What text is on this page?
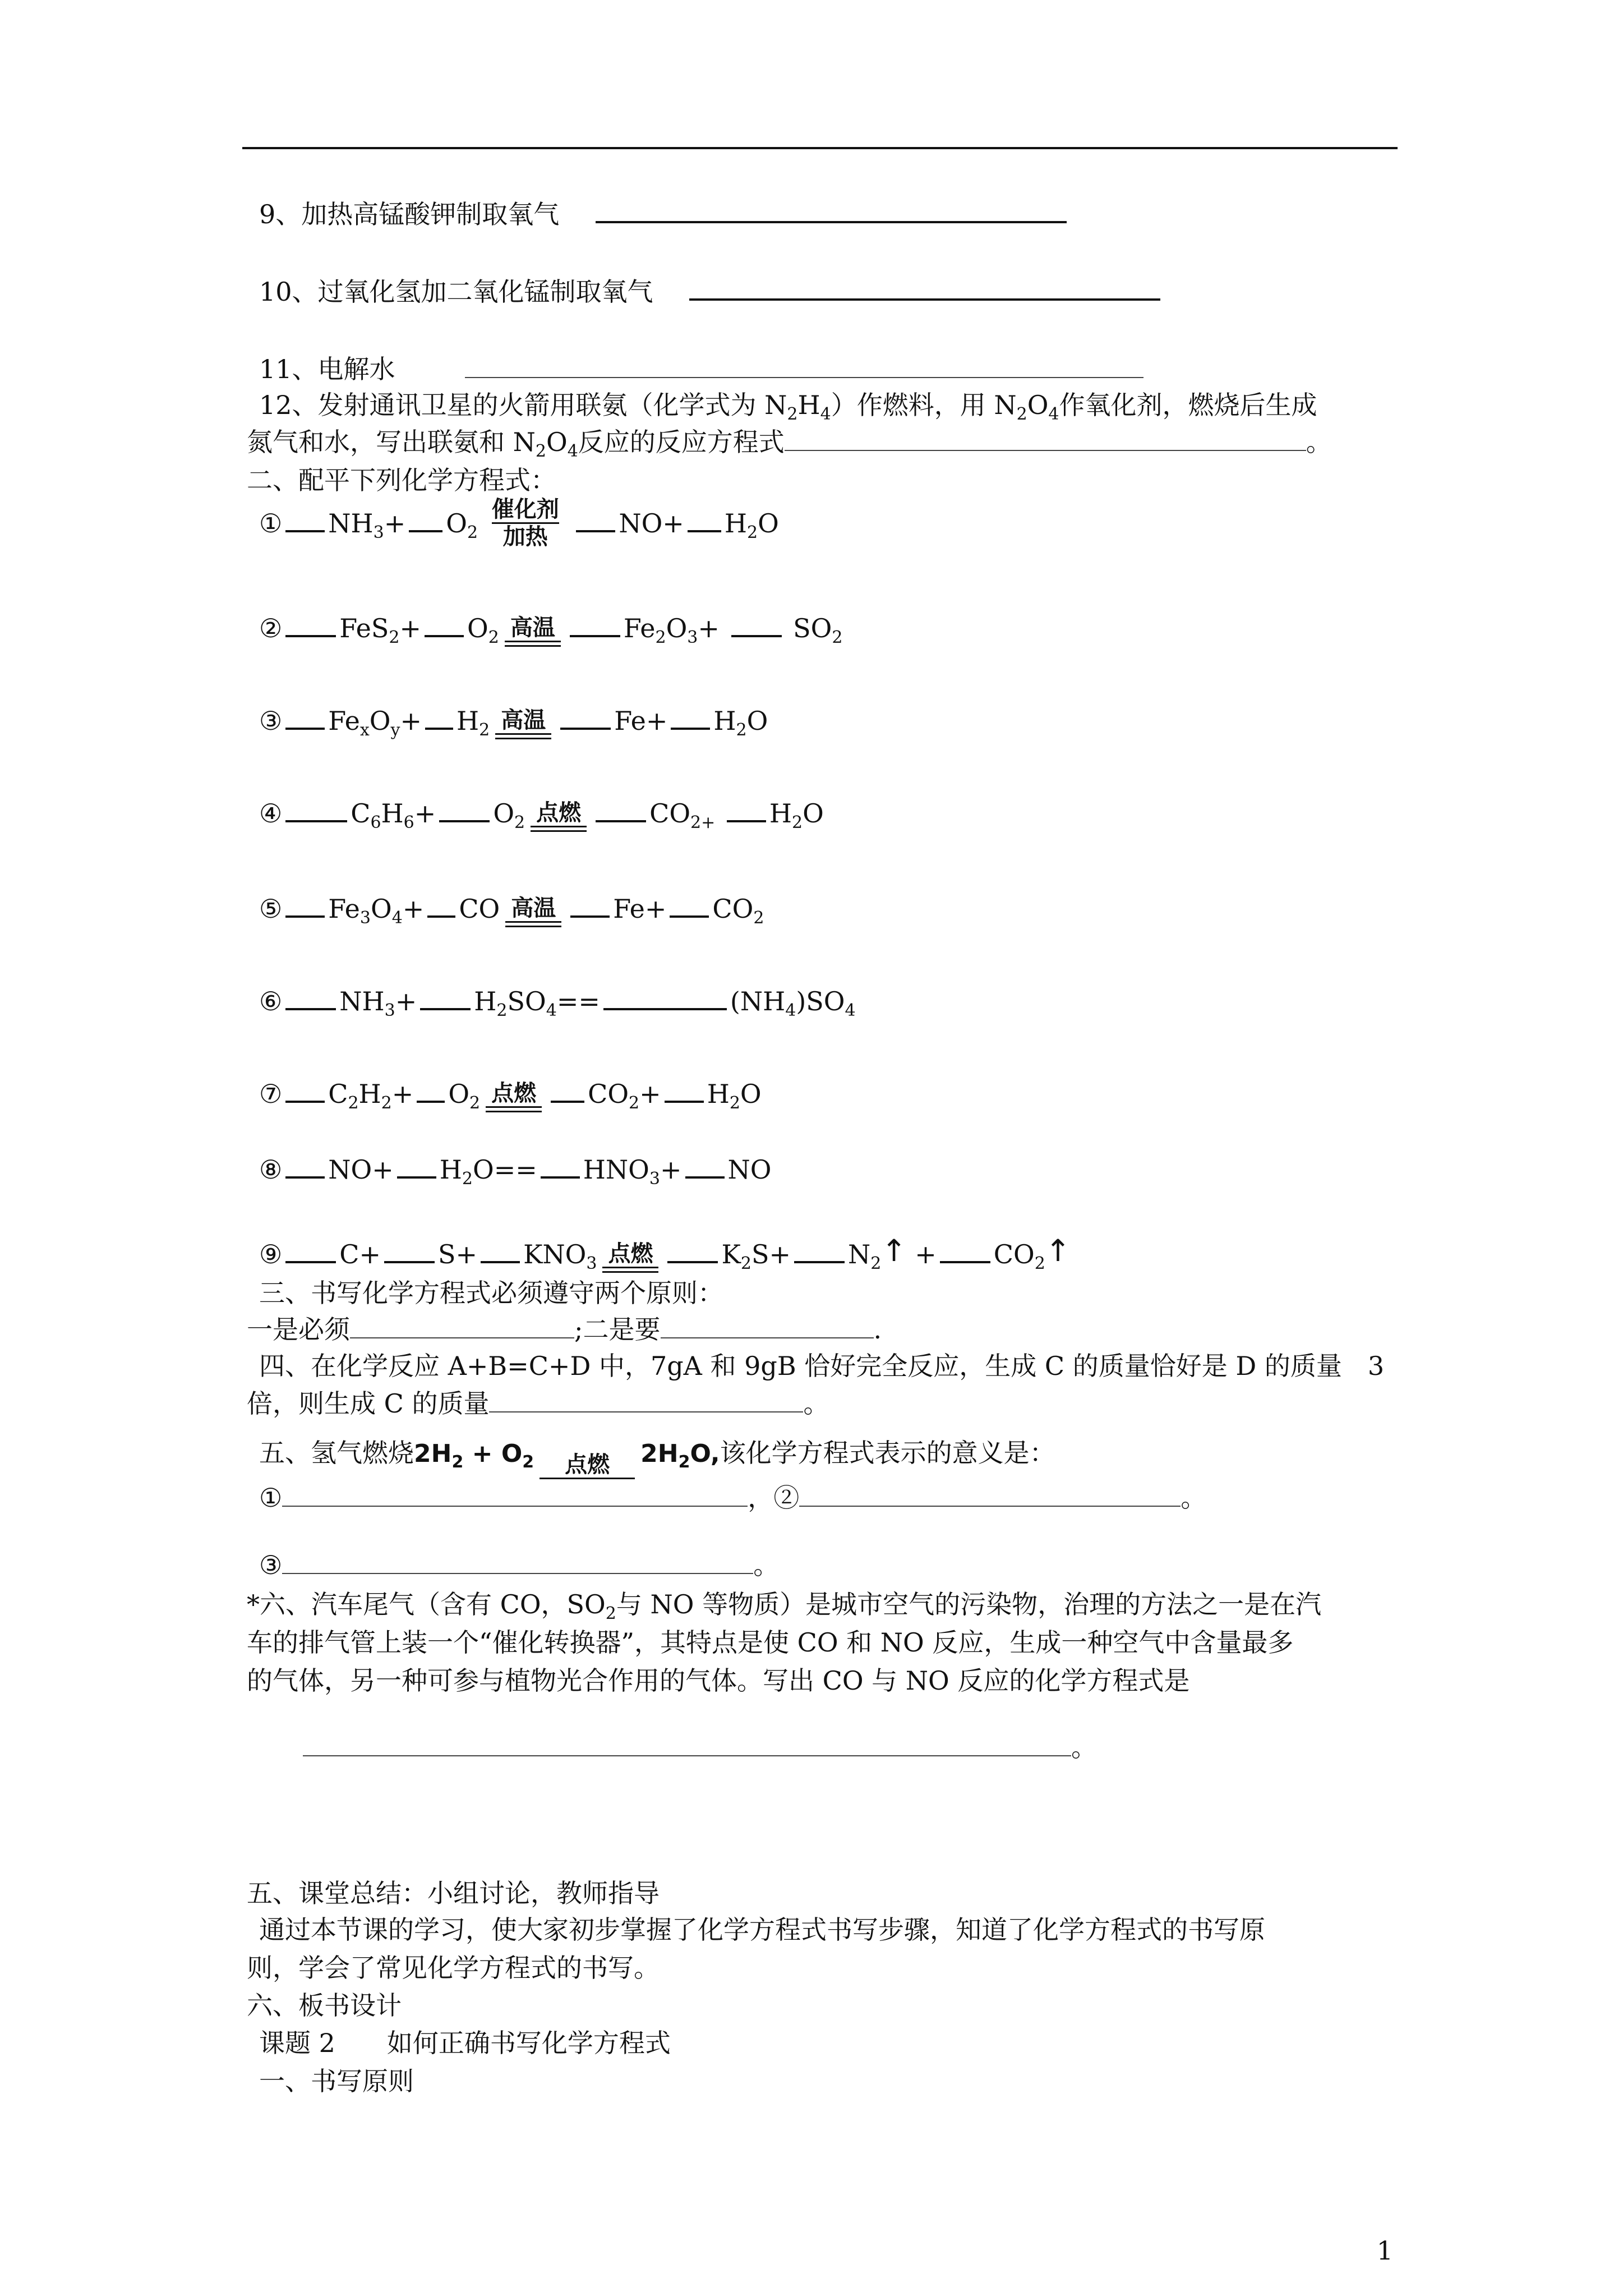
9、加热高锰酸钾制取氧气
10、过氧化氢加二氧化锰制取氧气
11、电解水
12、发射通讯卫星的火箭用联氨（化学式为 $N_2H_4$）作燃料，用 $N_2O_4$作氧化剂，燃烧后生成
氮气和水，写出联氨和 $N_2O_4$反应的反应方程式	。
二、配平下列化学方程式：
① $NH_3+ O_2$
催化剂
加热	$NO+ H_2O$
② $FeS_2+ O_2$ 高温	$Fe_2O_3+ SO_2$
③ $Fe_xO_y+ H_2$ 高温	$Fe+ H_2O$
④	$C_6H_6+ O_2$ 点燃	$CO_{2+}$ $H_2O$
⑤ $Fe_3O_4+$ CO 高温 $Fe+ CO_2$
⑥ $NH_3+ H_2SO_4==$	$(NH_4)SO_4$
⑦ $C_2H_2+ O_2$ 点燃 $CO_2+ H_2O$
⑧ $NO+ H_2O== HNO_3+$ NO
⑨ $C+ S+ KNO_3$ 点燃	$K_2S+$ $N_2↑$ + $CO_2↑$
三、书写化学方程式必须遵守两个原则：
一是必须	;二是要	.
四、在化学反应 A+B=C+D 中，7gA 和 9gB 恰好完全反应，生成 C 的质量恰好是 D 的质量　3
倍，则生成 C 的质量	。
五、氢气燃烧$2H_2 + O_2$ 点燃 $2H_2O$,该化学方程式表示的意义是：
①	，②	。
③	。
*六、汽车尾气（含有 CO，$SO_2$与 NO 等物质）是城市空气的污染物，治理的方法之一是在汽
车的排气管上装一个“催化转换器”，其特点是使 CO 和 NO 反应，生成一种空气中含量最多
的气体，另一种可参与植物光合作用的气体。写出 CO 与 NO 反应的化学方程式是
。
五、课堂总结：小组讨论，教师指导
通过本节课的学习，使大家初步掌握了化学方程式书写步骤，知道了化学方程式的书写原
则，学会了常见化学方程式的书写。
六、板书设计
课题 2　　如何正确书写化学方程式
一、书写原则
1
